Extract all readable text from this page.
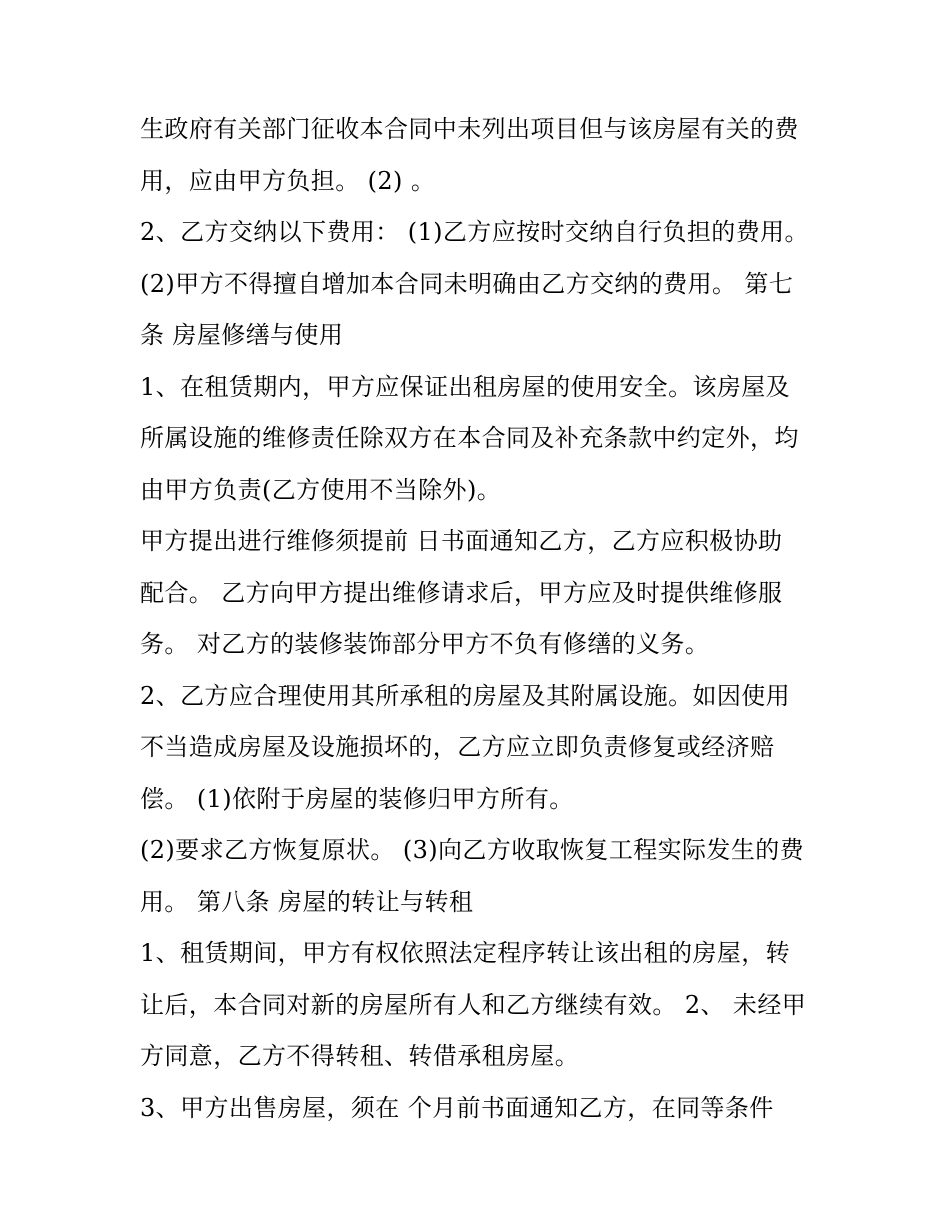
生政府有关部门征收本合同中未列出项目但与该房屋有关的费
用，应由甲方负担。 (2) 。
2、乙方交纳以下费用： (1)乙方应按时交纳自行负担的费用。
(2)甲方不得擅自增加本合同未明确由乙方交纳的费用。 第七
条 房屋修缮与使用
1、在租赁期内，甲方应保证出租房屋的使用安全。该房屋及
所属设施的维修责任除双方在本合同及补充条款中约定外，均
由甲方负责(乙方使用不当除外)。
甲方提出进行维修须提前 日书面通知乙方，乙方应积极协助
配合。 乙方向甲方提出维修请求后，甲方应及时提供维修服
务。 对乙方的装修装饰部分甲方不负有修缮的义务。
2、乙方应合理使用其所承租的房屋及其附属设施。如因使用
不当造成房屋及设施损坏的，乙方应立即负责修复或经济赔
偿。 (1)依附于房屋的装修归甲方所有。
(2)要求乙方恢复原状。 (3)向乙方收取恢复工程实际发生的费
用。 第八条 房屋的转让与转租
1、租赁期间，甲方有权依照法定程序转让该出租的房屋，转
让后，本合同对新的房屋所有人和乙方继续有效。 2、 未经甲
方同意，乙方不得转租、转借承租房屋。
3、甲方出售房屋，须在 个月前书面通知乙方，在同等条件
